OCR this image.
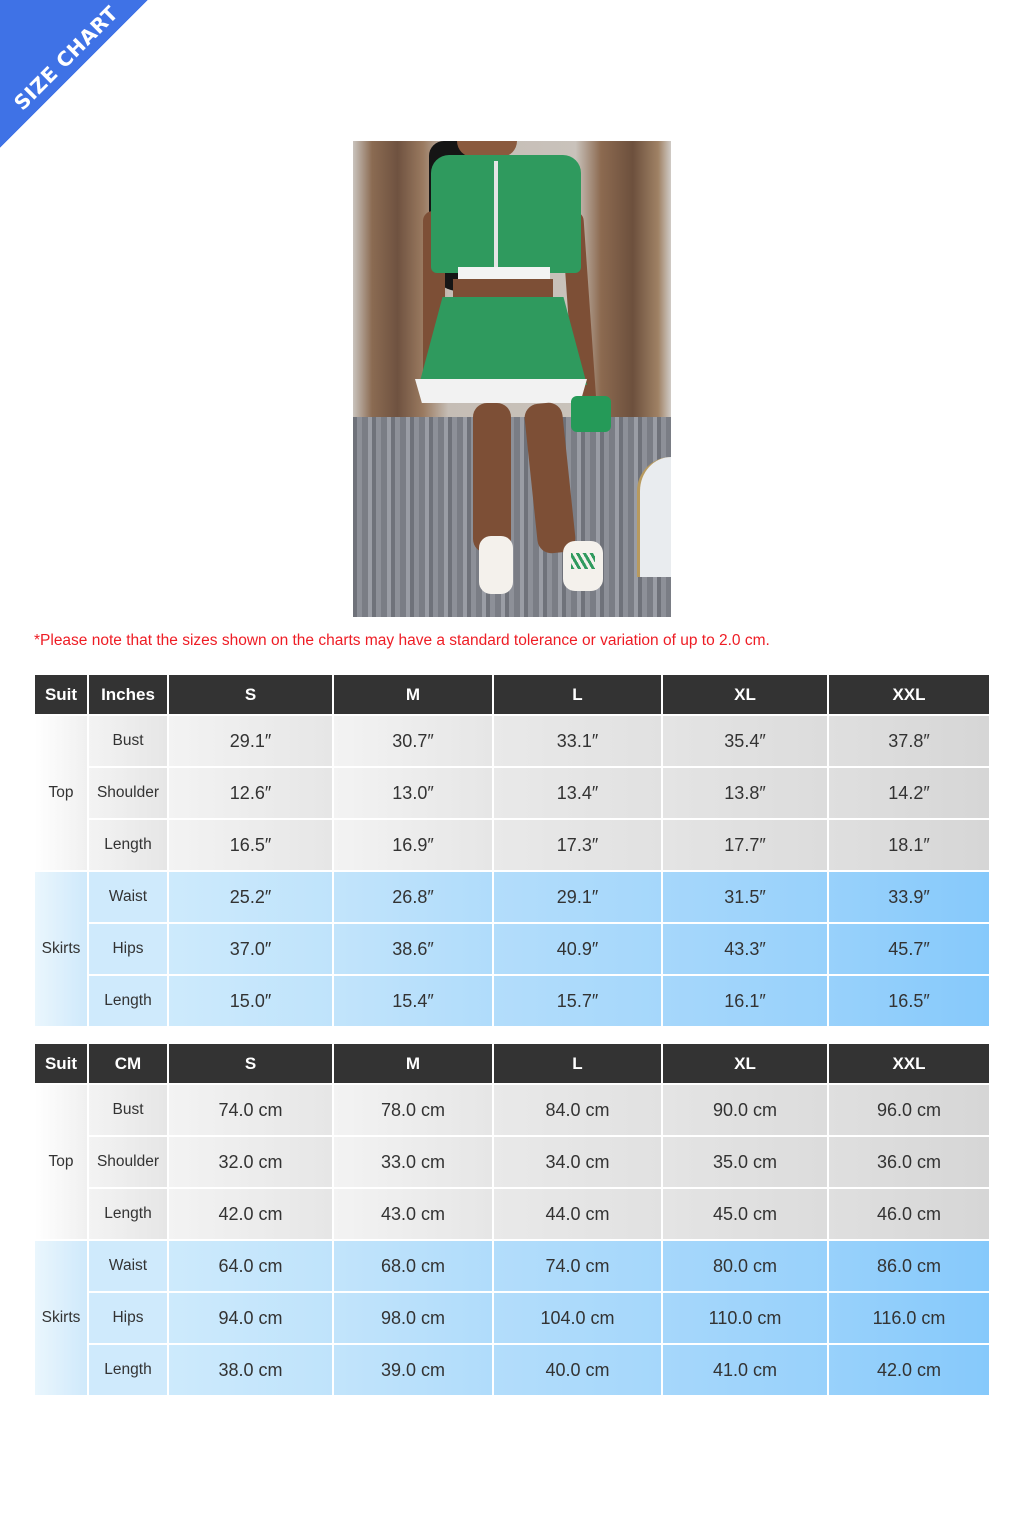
SIZE CHART
*Please note that the sizes shown on the charts may have a standard tolerance or variation of up to 2.0 cm.
Suit	Inches	S	M	L	XL	XXL
Top	Bust	29.1″	30.7″	33.1″	35.4″	37.8″
	Shoulder	12.6″	13.0″	13.4″	13.8″	14.2″
	Length	16.5″	16.9″	17.3″	17.7″	18.1″
Skirts	Waist	25.2″	26.8″	29.1″	31.5″	33.9″
	Hips	37.0″	38.6″	40.9″	43.3″	45.7″
	Length	15.0″	15.4″	15.7″	16.1″	16.5″
Suit	CM	S	M	L	XL	XXL
Top	Bust	74.0 cm	78.0 cm	84.0 cm	90.0 cm	96.0 cm
	Shoulder	32.0 cm	33.0 cm	34.0 cm	35.0 cm	36.0 cm
	Length	42.0 cm	43.0 cm	44.0 cm	45.0 cm	46.0 cm
Skirts	Waist	64.0 cm	68.0 cm	74.0 cm	80.0 cm	86.0 cm
	Hips	94.0 cm	98.0 cm	104.0 cm	110.0 cm	116.0 cm
	Length	38.0 cm	39.0 cm	40.0 cm	41.0 cm	42.0 cm
